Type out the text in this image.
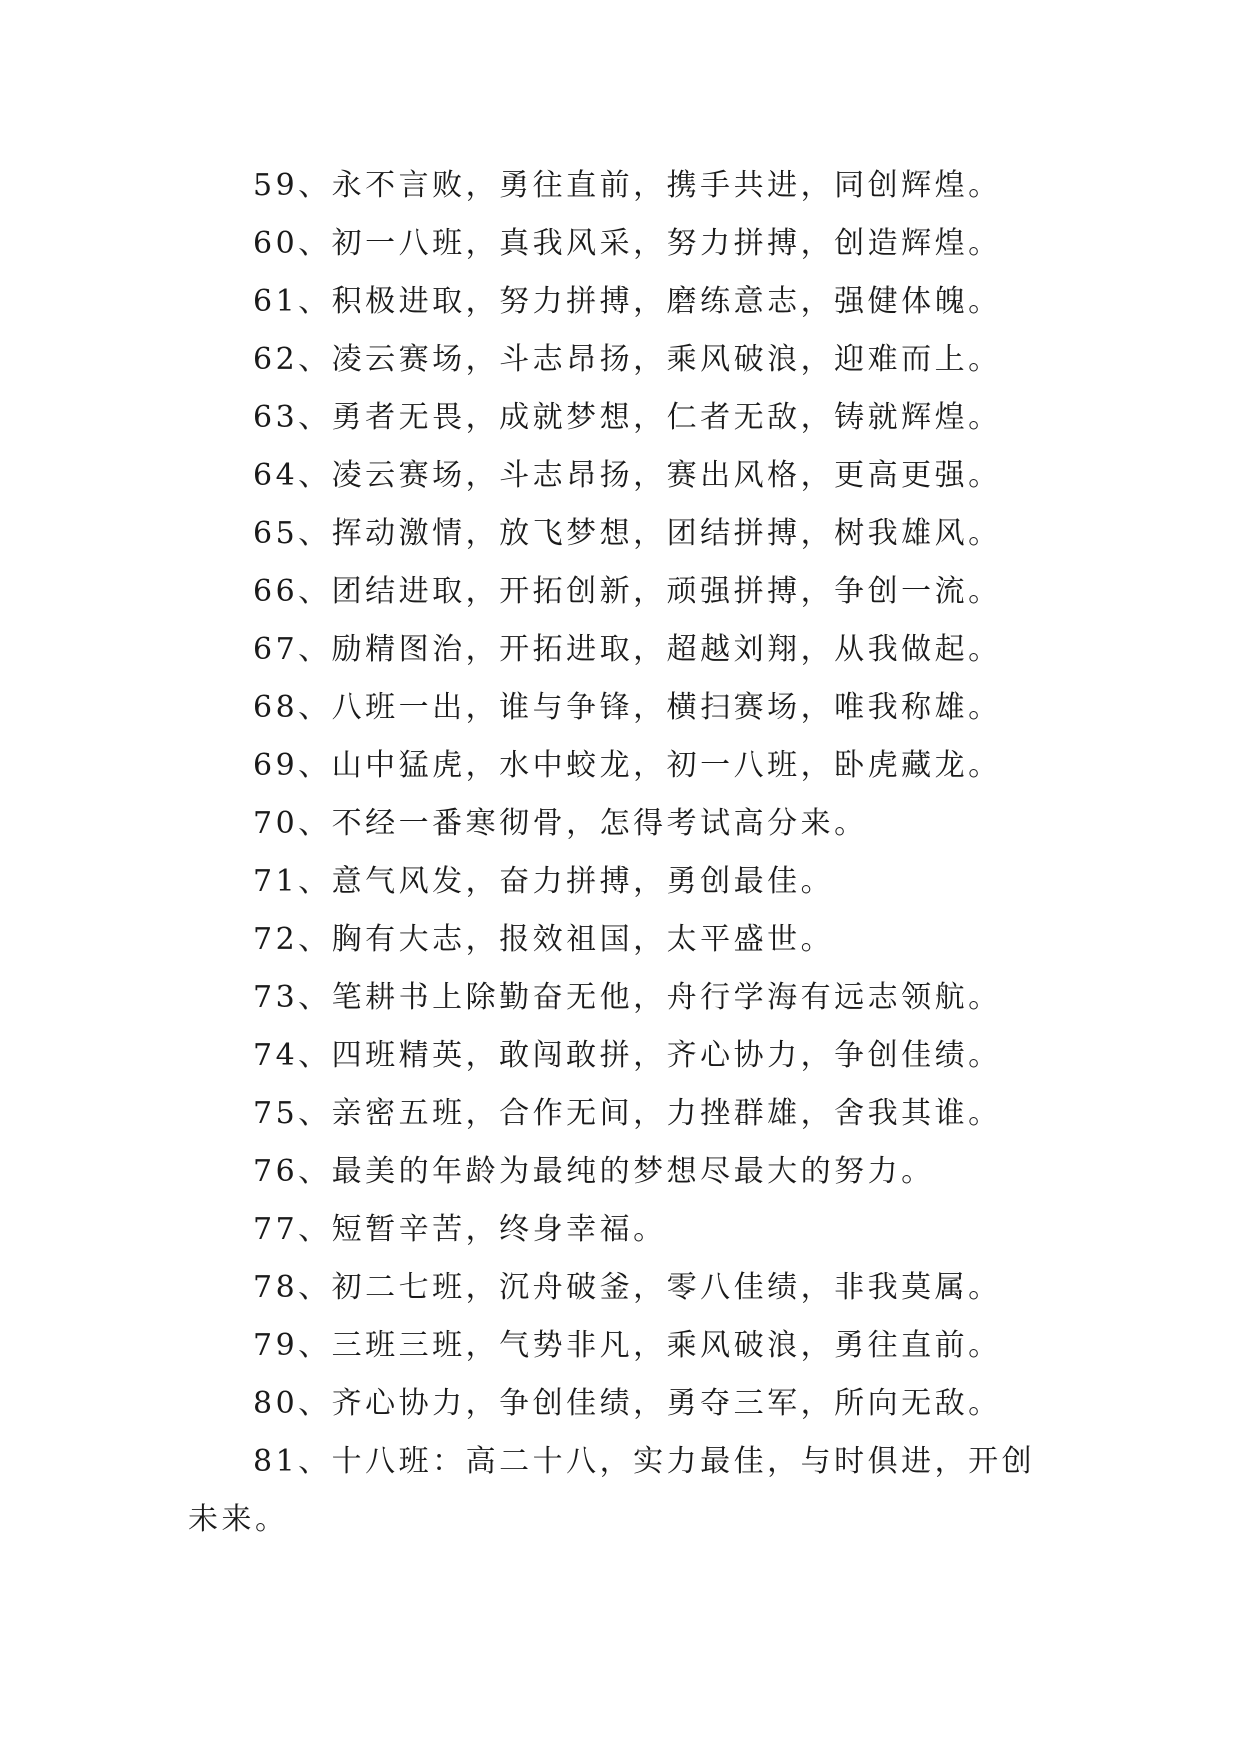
59、永不言败，勇往直前，携手共进，同创辉煌。
60、初一八班，真我风采，努力拼搏，创造辉煌。
61、积极进取，努力拼搏，磨练意志，强健体魄。
62、凌云赛场，斗志昂扬，乘风破浪，迎难而上。
63、勇者无畏，成就梦想，仁者无敌，铸就辉煌。
64、凌云赛场，斗志昂扬，赛出风格，更高更强。
65、挥动激情，放飞梦想，团结拼搏，树我雄风。
66、团结进取，开拓创新，顽强拼搏，争创一流。
67、励精图治，开拓进取，超越刘翔，从我做起。
68、八班一出，谁与争锋，横扫赛场，唯我称雄。
69、山中猛虎，水中蛟龙，初一八班，卧虎藏龙。
70、不经一番寒彻骨，怎得考试高分来。
71、意气风发，奋力拼搏，勇创最佳。
72、胸有大志，报效祖国，太平盛世。
73、笔耕书上除勤奋无他，舟行学海有远志领航。
74、四班精英，敢闯敢拼，齐心协力，争创佳绩。
75、亲密五班，合作无间，力挫群雄，舍我其谁。
76、最美的年龄为最纯的梦想尽最大的努力。
77、短暂辛苦，终身幸福。
78、初二七班，沉舟破釜，零八佳绩，非我莫属。
79、三班三班，气势非凡，乘风破浪，勇往直前。
80、齐心协力，争创佳绩，勇夺三军，所向无敌。
81、十八班：高二十八，实力最佳，与时俱进，开创未来。
